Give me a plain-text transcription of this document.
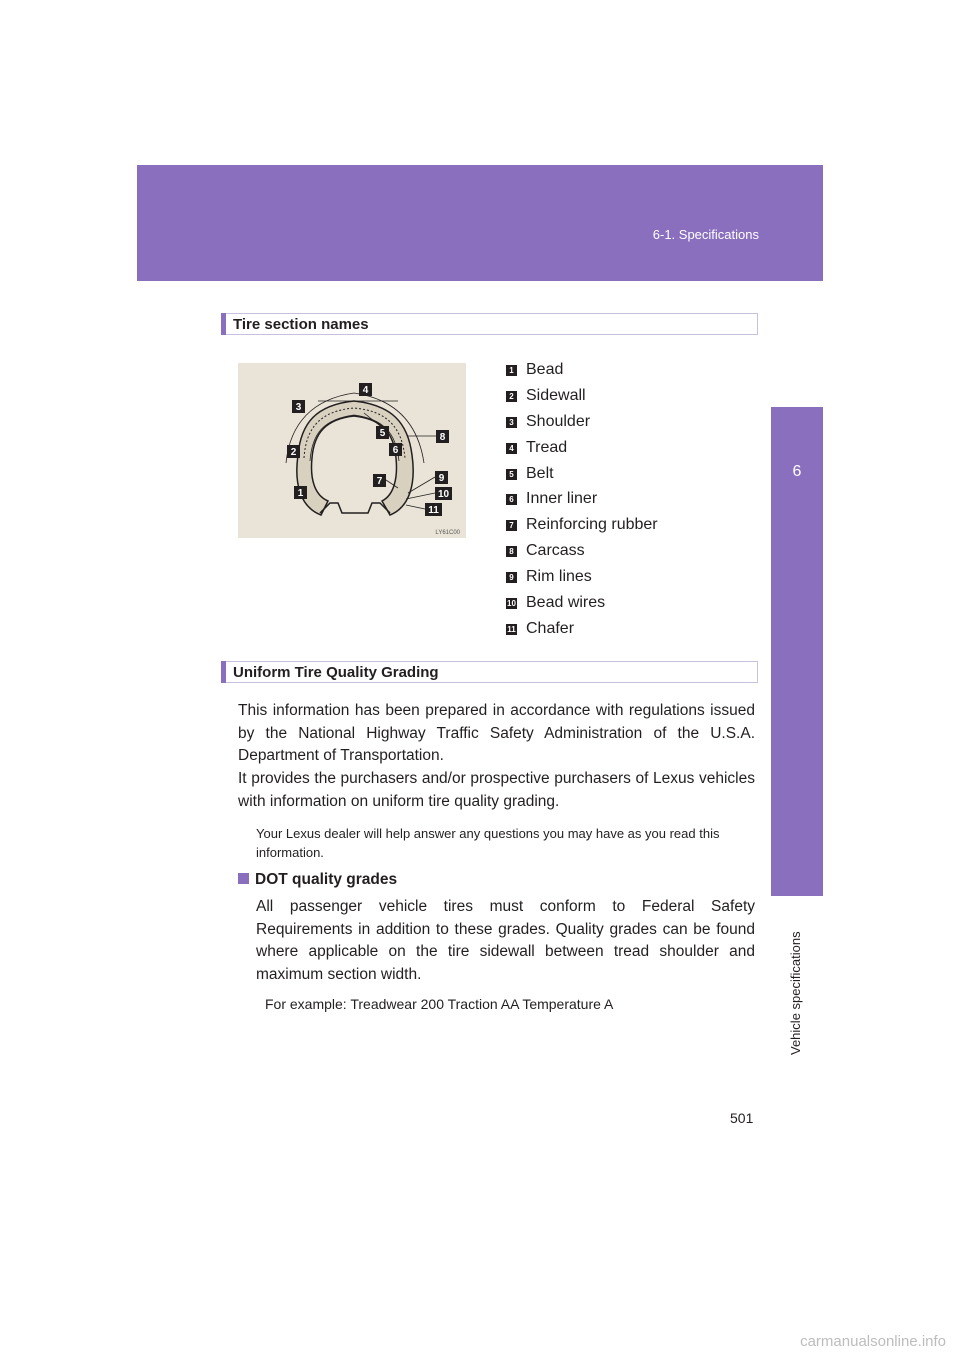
6-1. Specifications
6
Vehicle specifications
Tire section names
1
2
3
4
5
6
7
8
9
10
11
LY61C00
1 Bead
2 Sidewall
3 Shoulder
4 Tread
5 Belt
6 Inner liner
7 Reinforcing rubber
8 Carcass
9 Rim lines
10 Bead wires
11 Chafer
Uniform Tire Quality Grading
This information has been prepared in accordance with regulations issued by the National Highway Traffic Safety Administration of the U.S.A. Department of Transportation.
It provides the purchasers and/or prospective purchasers of Lexus vehicles with information on uniform tire quality grading.
Your Lexus dealer will help answer any questions you may have as you read this information.
DOT quality grades
All passenger vehicle tires must conform to Federal Safety Requirements in addition to these grades. Quality grades can be found where applicable on the tire sidewall between tread shoulder and maximum section width.
For example: Treadwear 200 Traction AA Temperature A
501
carmanualsonline.info
